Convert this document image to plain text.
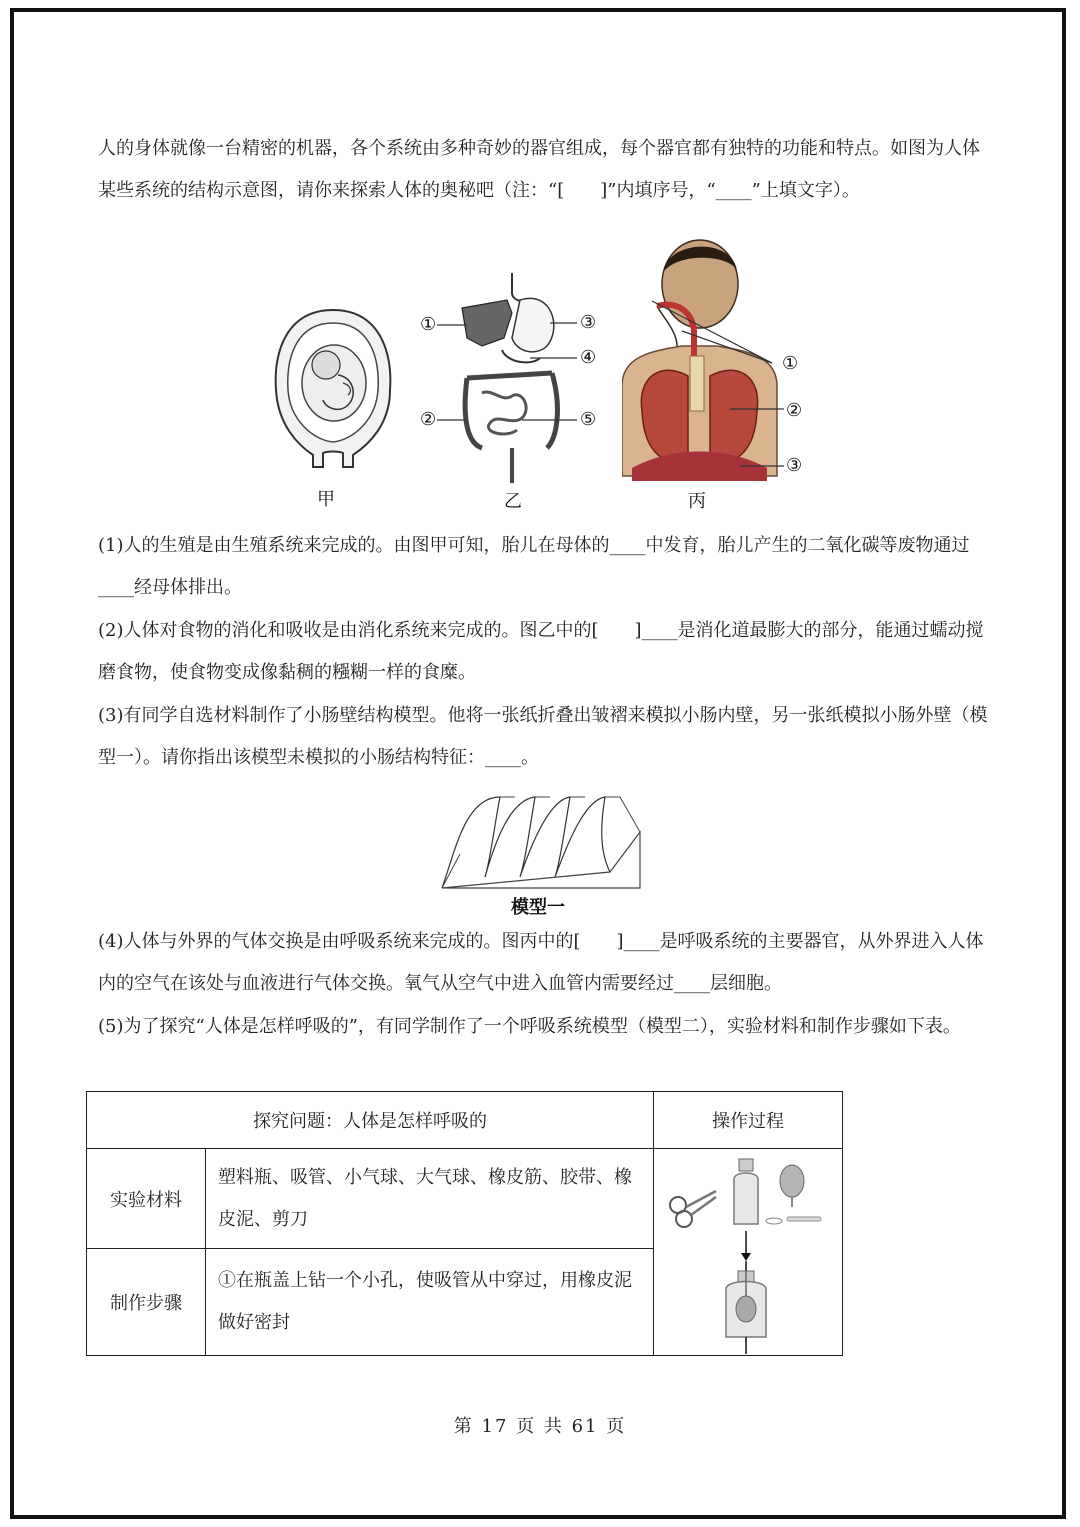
人的身体就像一台精密的机器，各个系统由多种奇妙的器官组成，每个器官都有独特的功能和特点。如图为人体某些系统的结构示意图，请你来探索人体的奥秘吧（注：“[　　]”内填序号，“____”上填文字）。

甲
①
②
③
④
⑤
乙
①
②
③
丙

(1)人的生殖是由生殖系统来完成的。由图甲可知，胎儿在母体的____中发育，胎儿产生的二氧化碳等废物通过____经母体排出。

(2)人体对食物的消化和吸收是由消化系统来完成的。图乙中的[　　]____是消化道最膨大的部分，能通过蠕动搅磨食物，使食物变成像黏稠的糨糊一样的食糜。

(3)有同学自选材料制作了小肠壁结构模型。他将一张纸折叠出皱褶来模拟小肠内壁，另一张纸模拟小肠外壁（模型一）。请你指出该模型未模拟的小肠结构特征：____。

模型一

(4)人体与外界的气体交换是由呼吸系统来完成的。图丙中的[　　]____是呼吸系统的主要器官，从外界进入人体内的空气在该处与血液进行气体交换。氧气从空气中进入血管内需要经过____层细胞。

(5)为了探究“人体是怎样呼吸的”，有同学制作了一个呼吸系统模型（模型二），实验材料和制作步骤如下表。

探究问题：人体是怎样呼吸的		操作过程
实验材料	塑料瓶、吸管、小气球、大气球、橡皮筋、胶带、橡皮泥、剪刀	

制作步骤	①在瓶盖上钻一个小孔，使吸管从中穿过，用橡皮泥做好密封	
第 17 页 共 61 页
